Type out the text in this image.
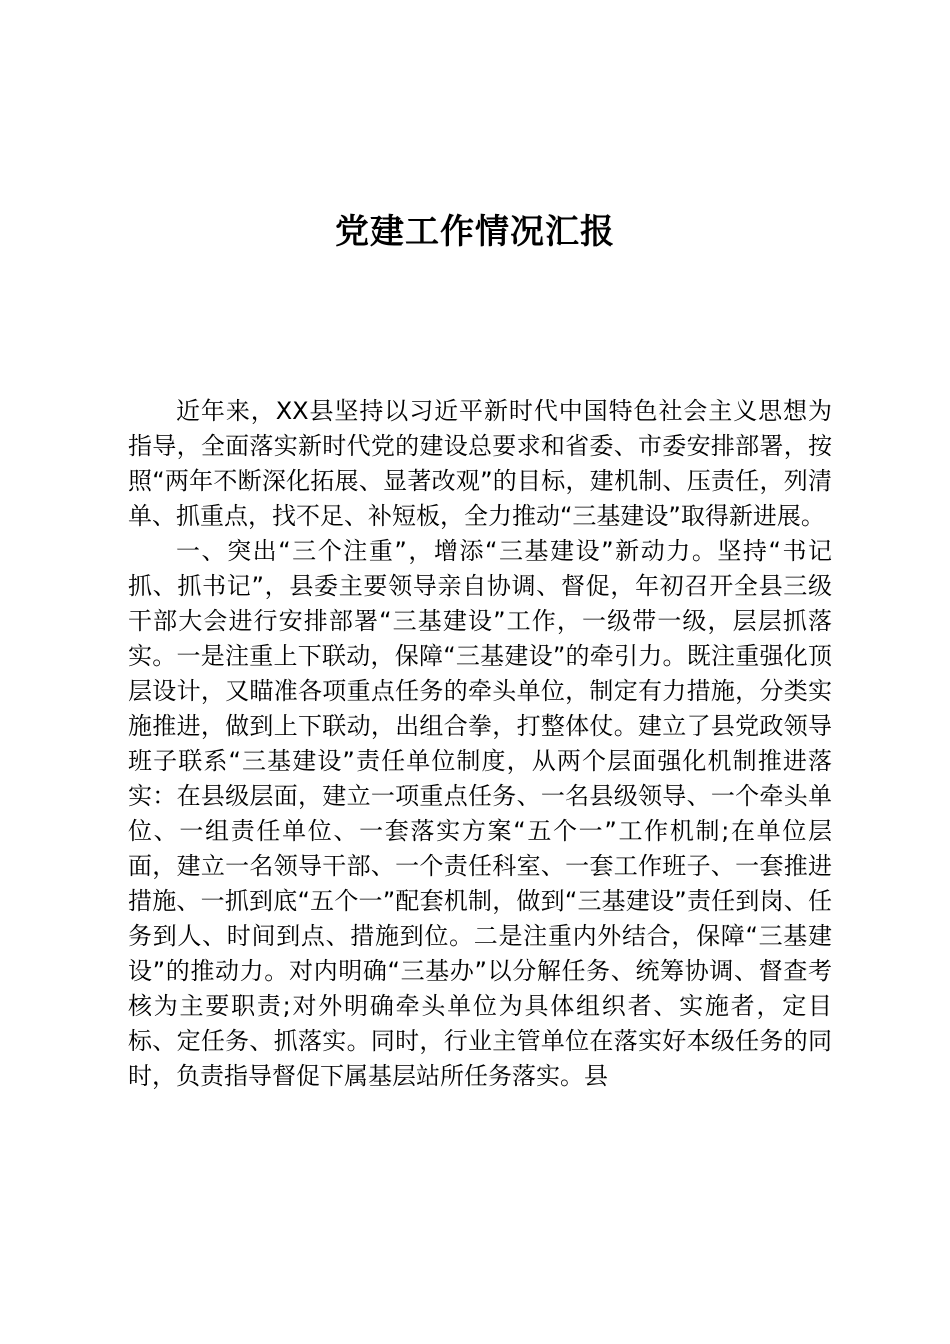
党建工作情况汇报

近年来，XX县坚持以习近平新时代中国特色社会主义思想为指导，全面落实新时代党的建设总要求和省委、市委安排部署，按照“两年不断深化拓展、显著改观”的目标，建机制、压责任，列清单、抓重点，找不足、补短板，全力推动“三基建设”取得新进展。

一、突出“三个注重”，增添“三基建设”新动力。坚持“书记抓、抓书记”，县委主要领导亲自协调、督促，年初召开全县三级干部大会进行安排部署“三基建设”工作，一级带一级，层层抓落实。一是注重上下联动，保障“三基建设”的牵引力。既注重强化顶层设计，又瞄准各项重点任务的牵头单位，制定有力措施，分类实施推进，做到上下联动，出组合拳，打整体仗。建立了县党政领导班子联系“三基建设”责任单位制度，从两个层面强化机制推进落实：在县级层面，建立一项重点任务、一名县级领导、一个牵头单位、一组责任单位、一套落实方案“五个一”工作机制;在单位层面，建立一名领导干部、一个责任科室、一套工作班子、一套推进措施、一抓到底“五个一”配套机制，做到“三基建设”责任到岗、任务到人、时间到点、措施到位。二是注重内外结合，保障“三基建设”的推动力。对内明确“三基办”以分解任务、统筹协调、督查考核为主要职责;对外明确牵头单位为具体组织者、实施者，定目标、定任务、抓落实。同时，行业主管单位在落实好本级任务的同时，负责指导督促下属基层站所任务落实。县
